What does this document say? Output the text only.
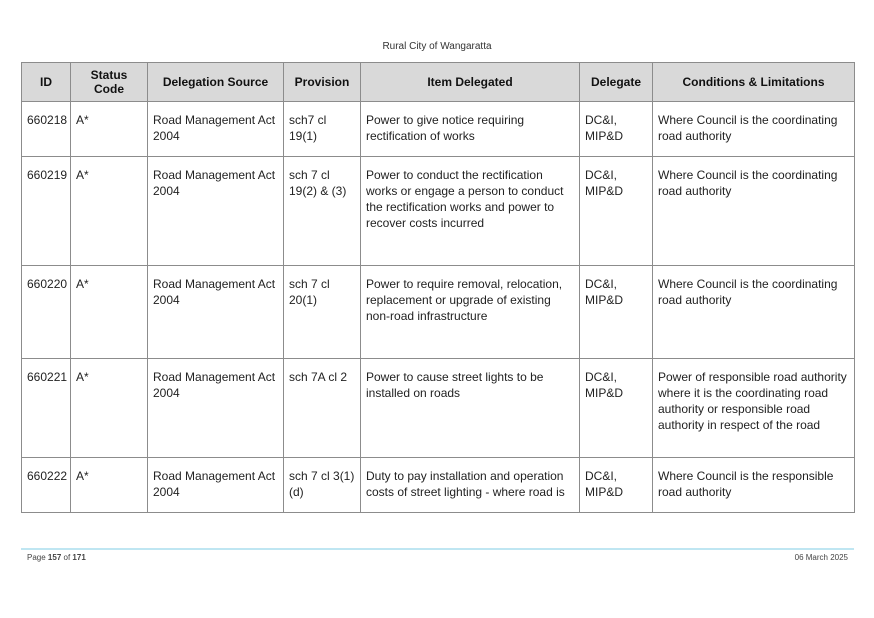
Rural City of Wangaratta
ID	Status Code	Delegation Source	Provision	Item Delegated	Delegate	Conditions & Limitations
660218	A*	Road Management Act 2004	sch7 cl 19(1)	Power to give notice requiring rectification of works	DC&I, MIP&D	Where Council is the coordinating road authority
660219	A*	Road Management Act 2004	sch 7 cl 19(2) & (3)	Power to conduct the rectification works or engage a person to conduct the rectification works and power to recover costs incurred	DC&I, MIP&D	Where Council is the coordinating road authority
660220	A*	Road Management Act 2004	sch 7 cl 20(1)	Power to require removal, relocation, replacement or upgrade of existing non-road infrastructure	DC&I, MIP&D	Where Council is the coordinating road authority
660221	A*	Road Management Act 2004	sch 7A cl 2	Power to cause street lights to be installed on roads	DC&I, MIP&D	Power of responsible road authority where it is the coordinating road authority or responsible road authority in respect of the road
660222	A*	Road Management Act 2004	sch 7 cl 3(1)(d)	Duty to pay installation and operation costs of street lighting - where road is	DC&I, MIP&D	Where Council is the responsible road authority
Page 157 of 171	06 March 2025
